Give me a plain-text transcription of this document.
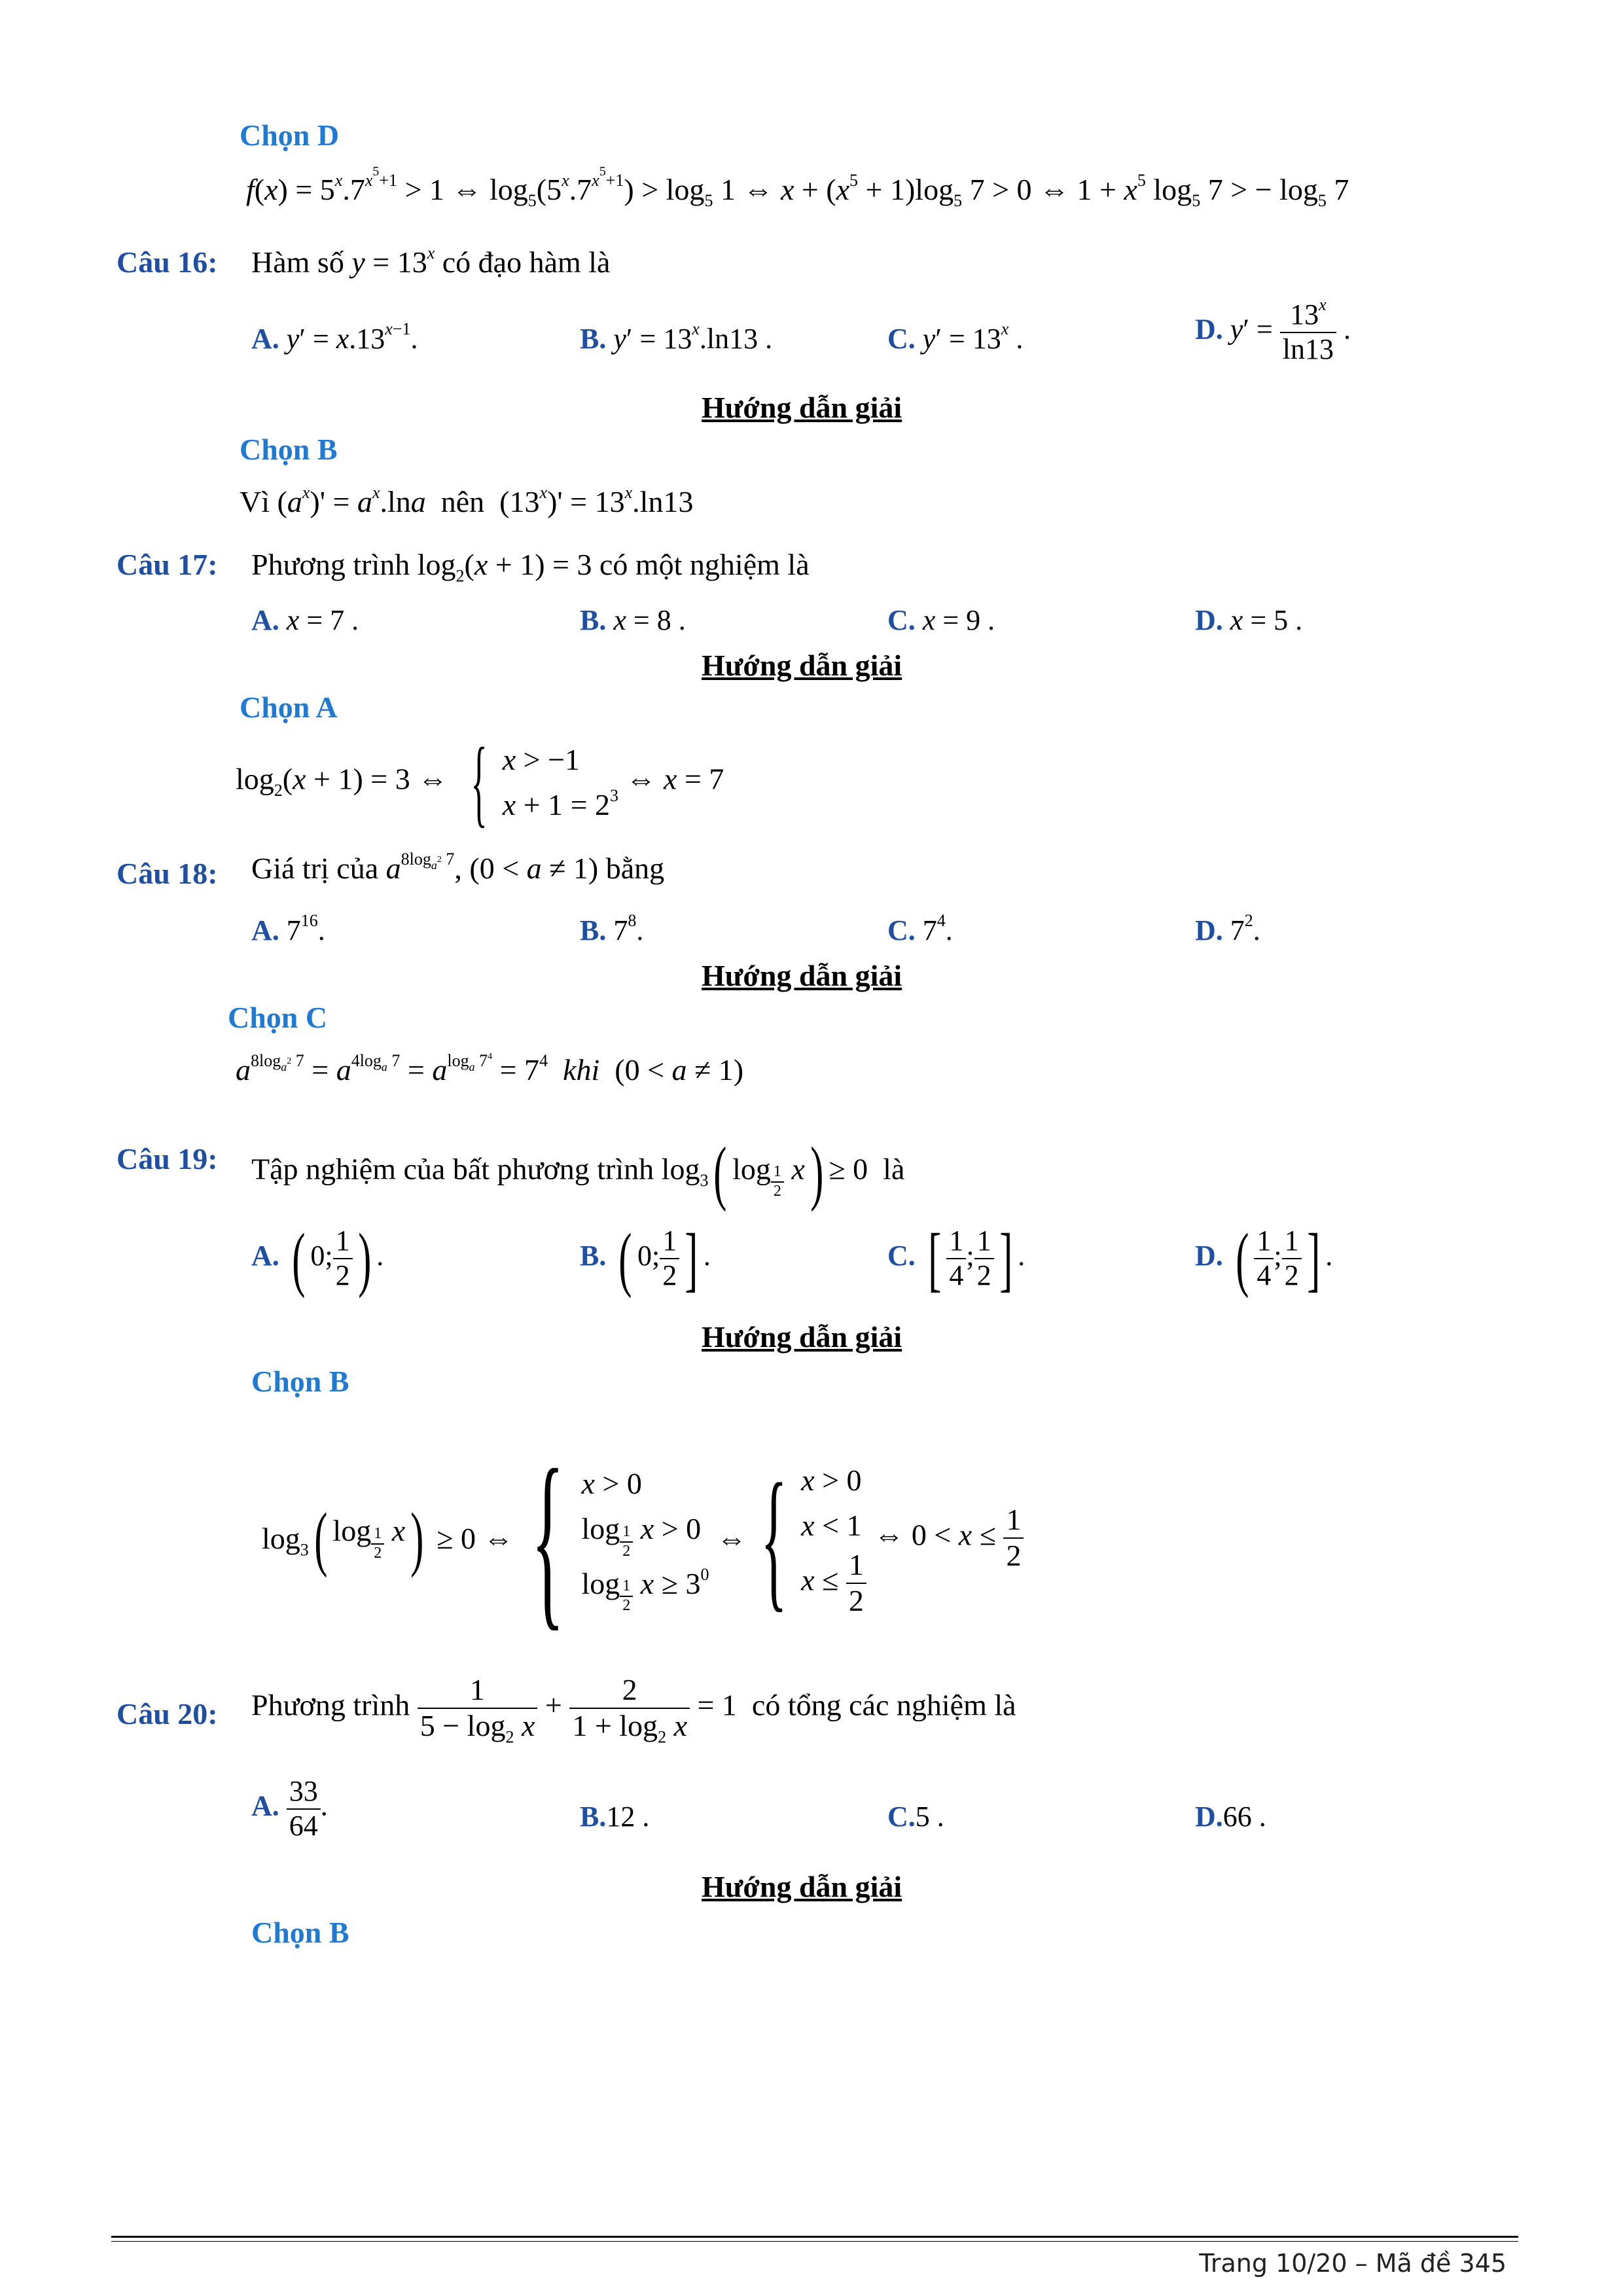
Chọn D
$f(x) = 5^x.7^{x^5+1} > 1$ ⇔ $\log_5(5^x.7^{x^5+1}) > \log_5 1$ ⇔ $x + (x^5 + 1)\log_5$ 7 > 0 ⇔ $1 + x^5$ $\log_5 7$ > − $\log_5 7$
Câu 16: Hàm số $y = 13^x$ có đạo hàm là
A. $y' = x.13^{x-1}$.	B. $y' = 13^x.\ln 13$ .	C. $y' = 13^x$ .	D. $y' = \frac{13^x}{\ln 13}$ .
Hướng dẫn giải
Chọn B
Vì $(a^x)' = a^x.\ln a$  nên  $(13^x)' = 13^x.\ln 13$
Câu 17: Phương trình $\log_2(x + 1) = 3$ có một nghiệm là
A. x = 7 .	B. x = 8 .	C. x = 9 .	D. x = 5 .
Hướng dẫn giải
Chọn A
$\log_2(x + 1) = 3$ ⇔ { x > −1
$x + 1 = 2^3$
⇔ x = 7
Câu 18: Giá trị của $a^{8log_{a^2} 7}$, (0 < a ≠ 1) bằng
A. $7^{16}$.	B. $7^8$.	C. $7^4$.	D. $7^2$.
Hướng dẫn giải
Chọn C
$a^{8log_{a^2} 7} = a^{4log_a 7} = a^{log_a 7^4} = 7^4$ khi  (0 < a ≠ 1)
Câu 19: Tập nghiệm của bất phương trình $\log_3$( log $_{\frac{1}{2}}$ x) ≥ 0  là
A. ( 0; $\frac{1}{2}$ ) .	B. ( 0; $\frac{1}{2}$ ] .	C. [ $\frac{1}{4}$ ; $\frac{1}{2}$ ] .	D. ( $\frac{1}{4}$ ; $\frac{1}{2}$ ] .
Hướng dẫn giải
Chọn B
$\log_3$ ( log $_{\frac{1}{2}}$ x ) ≥ 0 ⇔ { x > 0
log $_{\frac{1}{2}}$ x > 0
log $_{\frac{1}{2}}$ $x \ge 3^0$
⇔ { x > 0
x < 1
$x \le \frac{1}{2}$
⇔ $0 < x \le \frac{1}{2}$
Câu 20: Phương trình $\frac{1}{5 - \log_2 x} + \frac{2}{1 + \log_2 x} = 1$  có tổng các nghiệm là
A. $\frac{33}{64}$ .	B.12 .	C.5 .	D.66 .
Hướng dẫn giải
Chọn B
Trang 10/20 – Mã đề 345
